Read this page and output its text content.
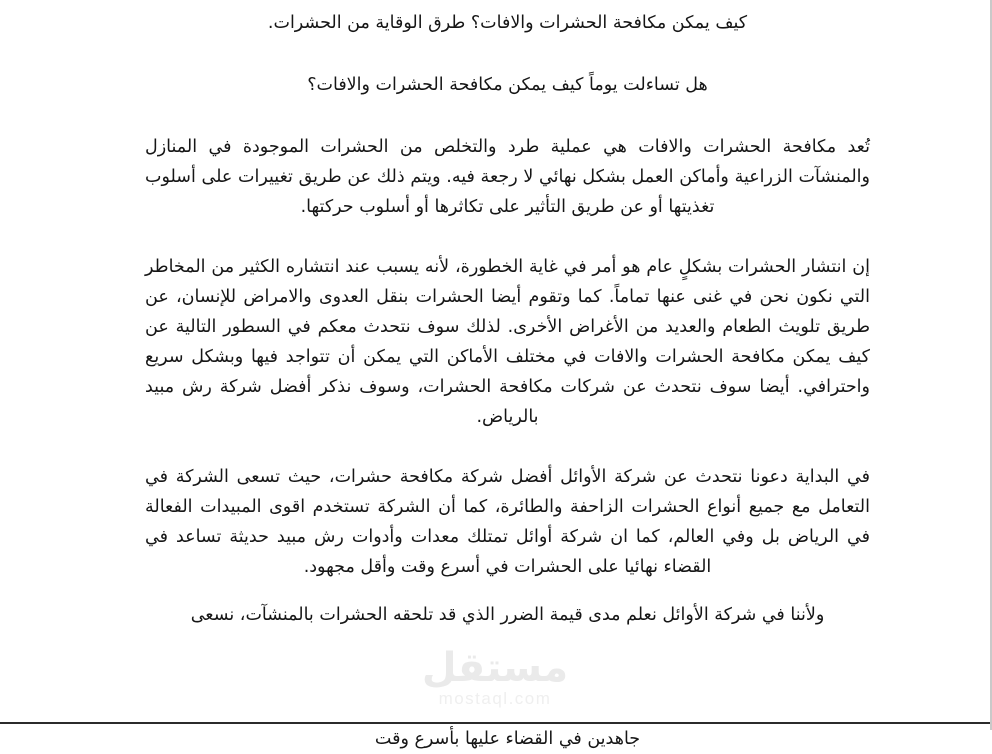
مستقل
mostaql.com

كيف يمكن مكافحة الحشرات والافات؟ طرق الوقاية من الحشرات.

هل تساءلت يوماً كيف يمكن مكافحة الحشرات والافات؟

تُعد مكافحة الحشرات والافات هي عملية طرد والتخلص من الحشرات الموجودة في المنازل والمنشآت الزراعية وأماكن العمل بشكل نهائي لا رجعة فيه. ويتم ذلك عن طريق تغييرات على أسلوب تغذيتها أو عن طريق التأثير على تكاثرها أو أسلوب حركتها.

إن انتشار الحشرات بشكلٍ عام هو أمر في غاية الخطورة، لأنه يسبب عند انتشاره الكثير من المخاطر التي نكون نحن في غنى عنها تماماً. كما وتقوم أيضا الحشرات بنقل العدوى والامراض للإنسان، عن طريق تلويث الطعام والعديد من الأغراض الأخرى. لذلك سوف نتحدث معكم في السطور التالية عن كيف يمكن مكافحة الحشرات والافات في مختلف الأماكن التي يمكن أن تتواجد فيها وبشكل سريع واحترافي. أيضا سوف نتحدث عن شركات مكافحة الحشرات، وسوف نذكر أفضل شركة رش مبيد بالرياض.

في البداية دعونا نتحدث عن شركة الأوائل أفضل شركة مكافحة حشرات، حيث تسعى الشركة في التعامل مع جميع أنواع الحشرات الزاحفة والطائرة، كما أن الشركة تستخدم اقوى المبيدات الفعالة في الرياض بل وفي العالم، كما ان شركة أوائل تمتلك معدات وأدوات رش مبيد حديثة تساعد في القضاء نهائيا على الحشرات في أسرع وقت وأقل مجهود.

ولأننا في شركة الأوائل نعلم مدى قيمة الضرر الذي قد تلحقه الحشرات بالمنشآت، نسعى

جاهدين في القضاء عليها بأسرع وقت
